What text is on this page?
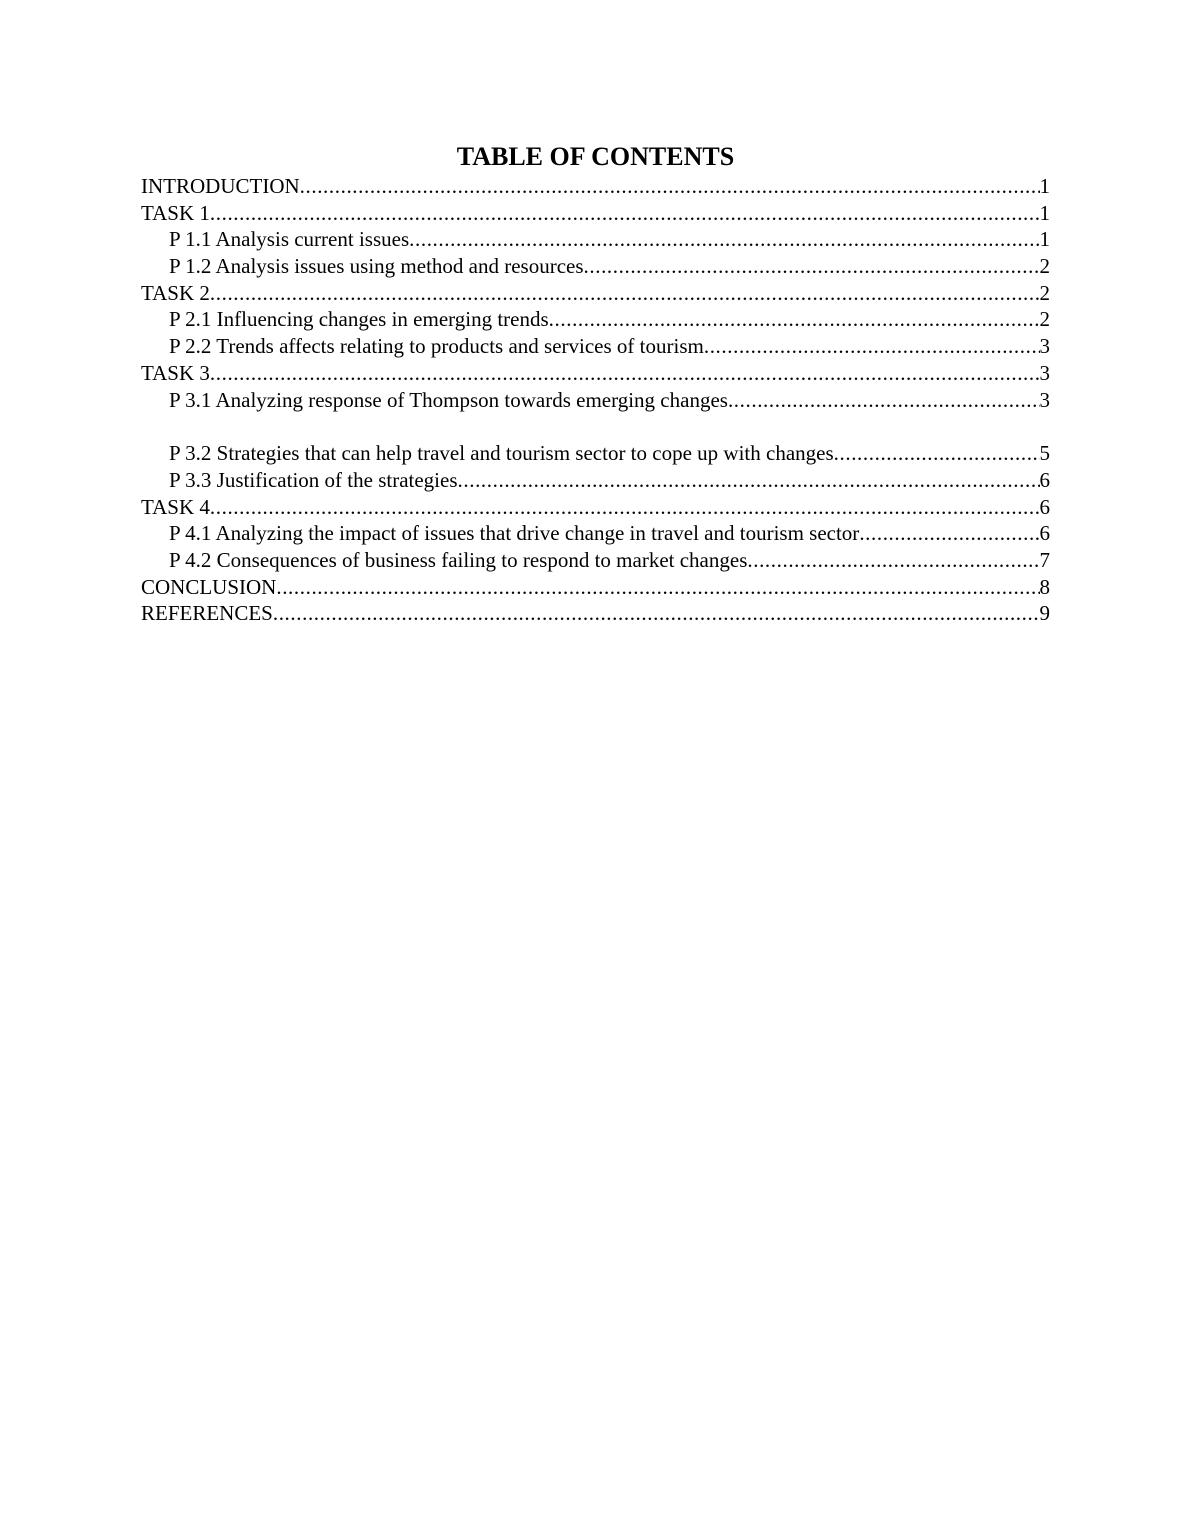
TABLE OF CONTENTS
INTRODUCTION .....	1
TASK 1 .....	1
P 1.1 Analysis current issues .....	1
P 1.2 Analysis issues using method and resources .....	2
TASK 2 .....	2
P 2.1 Influencing changes in emerging trends .....	2
P 2.2 Trends affects relating to products and services of tourism .....	3
TASK 3 .....	3
P 3.1 Analyzing response of Thompson towards emerging changes .....	3
P 3.2 Strategies that can help travel and tourism sector to cope up with changes .....	5
P 3.3 Justification of the strategies .....	6
TASK 4 .....	6
P 4.1 Analyzing the impact of issues that drive change in travel and tourism sector .....	6
P 4.2 Consequences of business failing to respond to market changes .....	7
CONCLUSION .....	8
REFERENCES .....	9
